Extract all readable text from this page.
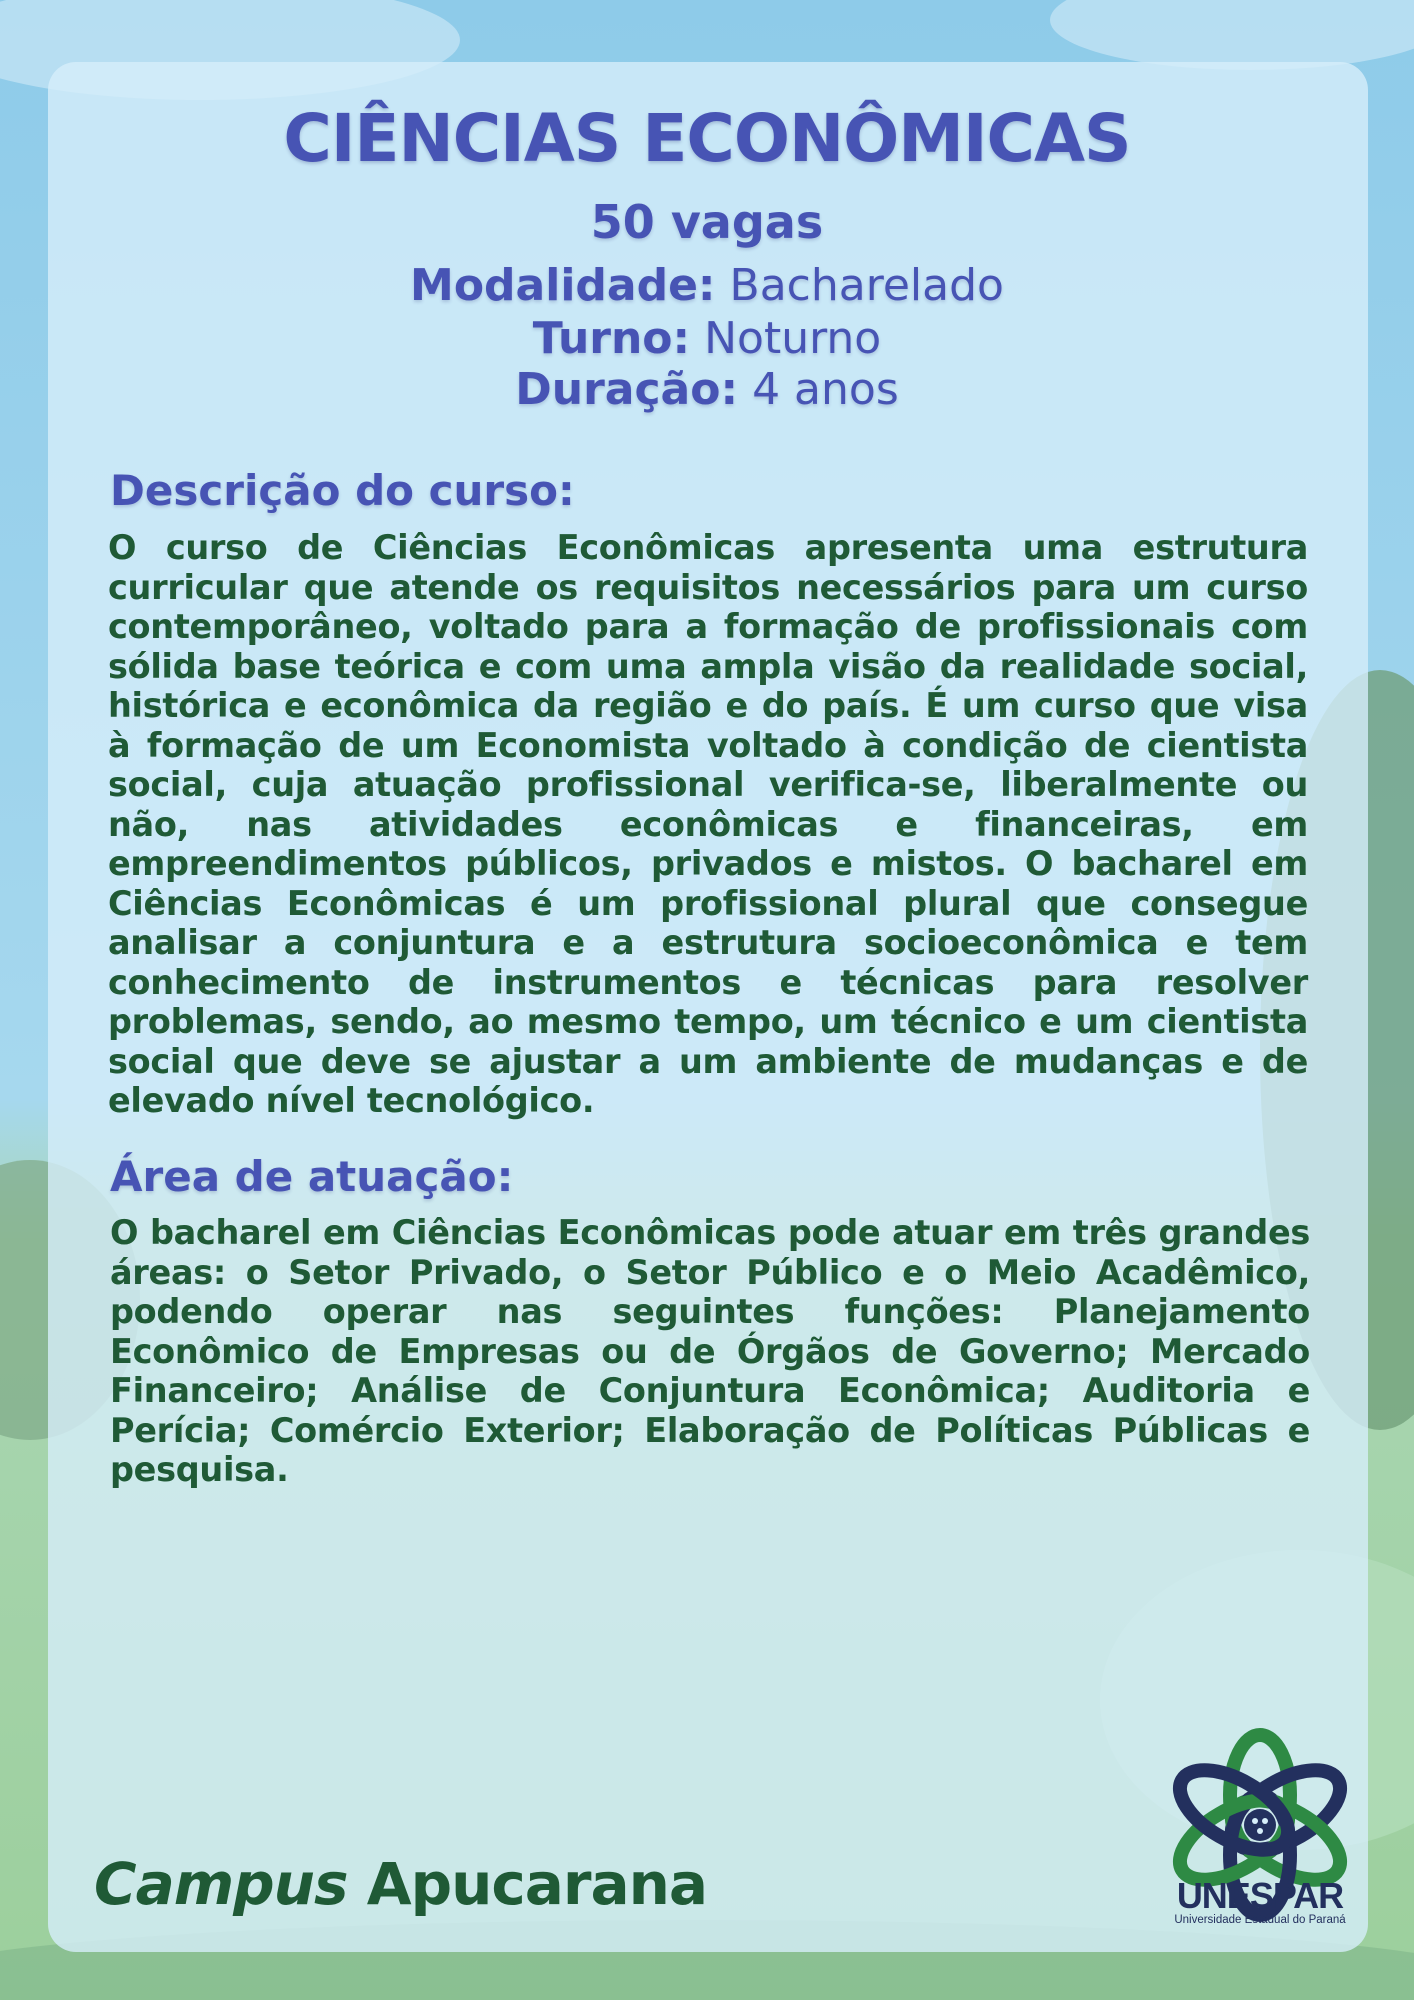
CIÊNCIAS ECONÔMICAS
50 vagas
Modalidade: Bacharelado
Turno: Noturno
Duração: 4 anos
Descrição do curso:
O curso de Ciências Econômicas apresenta uma estrutura curricular que atende os requisitos necessários para um curso contemporâneo, voltado para a formação de profissionais com sólida base teórica e com uma ampla visão da realidade social, histórica e econômica da região e do país. É um curso que visa à formação de um Economista voltado à condição de cientista social, cuja atuação profissional verifica-se, liberalmente ou não, nas atividades econômicas e financeiras, em empreendimentos públicos, privados e mistos. O bacharel em Ciências Econômicas é um profissional plural que consegue analisar a conjuntura e a estrutura socioeconômica e tem conhecimento de instrumentos e técnicas para resolver problemas, sendo, ao mesmo tempo, um técnico e um cientista social que deve se ajustar a um ambiente de mudanças e de elevado nível tecnológico.
Área de atuação:
O bacharel em Ciências Econômicas pode atuar em três grandes áreas: o Setor Privado, o Setor Público e o Meio Acadêmico, podendo operar nas seguintes funções: Planejamento Econômico de Empresas ou de Órgãos de Governo; Mercado Financeiro; Análise de Conjuntura Econômica; Auditoria e Perícia; Comércio Exterior; Elaboração de Políticas Públicas e pesquisa.
Campus Apucarana	UNESPAR
Universidade Estadual do Paraná
